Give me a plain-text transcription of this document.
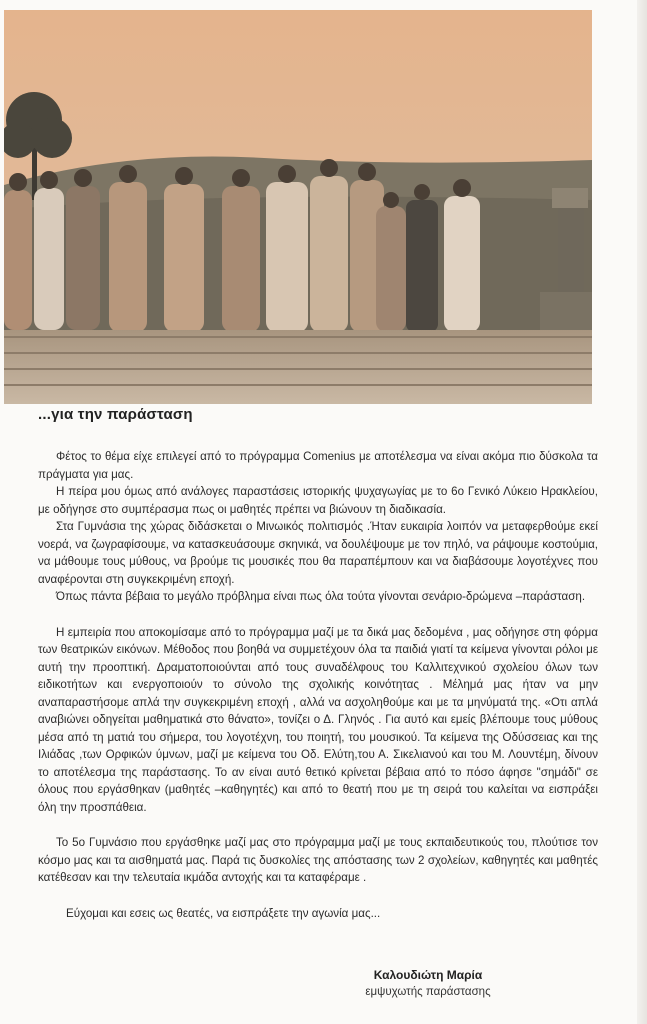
...για την παράσταση

Φέτος το θέμα είχε επιλεγεί από το πρόγραμμα Comenius με αποτέλεσμα να είναι ακόμα πιο δύσκολα τα πράγματα για μας.

Η πείρα μου όμως από ανάλογες παραστάσεις ιστορικής ψυχαγωγίας με το 6ο Γενικό Λύκειο Ηρακλείου, με οδήγησε στο συμπέρασμα πως οι μαθητές πρέπει να βιώνουν τη διαδικασία.

Στα Γυμνάσια της χώρας διδάσκεται ο Μινωικός πολιτισμός .Ήταν ευκαιρία λοιπόν να μεταφερθούμε εκεί νοερά, να ζωγραφίσουμε, να κατασκευάσουμε σκηνικά, να δουλέψουμε με τον πηλό, να ράψουμε κοστούμια, να μάθουμε τους μύθους, να βρούμε τις μουσικές που θα παραπέμπουν και να διαβάσουμε λογοτέχνες που αναφέρονται στη συγκεκριμένη εποχή.

Όπως πάντα βέβαια το μεγάλο πρόβλημα είναι πως όλα τούτα γίνονται σενάριο-δρώμενα –παράσταση.

Η εμπειρία που αποκομίσαμε από το πρόγραμμα μαζί με τα δικά μας δεδομένα , μας οδήγησε στη φόρμα των θεατρικών εικόνων. Μέθοδος που βοηθά να συμμετέχουν όλα τα παιδιά γιατί τα κείμενα γίνονται ρόλοι με αυτή την προοπτική. Δραματοποιούνται από τους συναδέλφους του Καλλιτεχνικού σχολείου όλων των ειδικοτήτων και ενεργοποιούν το σύνολο της σχολικής κοινότητας . Μέλημά μας ήταν να μην αναπαραστήσομε απλά την συγκεκριμένη εποχή , αλλά να ασχοληθούμε και με τα μηνύματά της. «Οτι απλά αναβιώνει οδηγείται μαθηματικά στο θάνατο», τονίζει ο Δ. Γληνός . Για αυτό και εμείς βλέπουμε τους μύθους μέσα από τη ματιά του σήμερα, του λογοτέχνη, του ποιητή, του μουσικού. Τα κείμενα της Οδύσσειας και της Ιλιάδας ,των Ορφικών ύμνων, μαζί με κείμενα του Οδ. Ελύτη,του Α. Σικελιανού και του Μ. Λουντέμη, δίνουν το αποτέλεσμα της παράστασης. Το αν είναι αυτό θετικό κρίνεται βέβαια από το πόσο άφησε "σημάδι" σε όλους που εργάσθηκαν (μαθητές –καθηγητές) και από το θεατή που με τη σειρά του καλείται να εισπράξει όλη την προσπάθεια.

Το 5ο Γυμνάσιο που εργάσθηκε μαζί μας στο πρόγραμμα μαζί με τους εκπαιδευτικούς του, πλούτισε τον κόσμο μας και τα αισθηματά μας. Παρά τις δυσκολίες της απόστασης των 2 σχολείων, καθηγητές και μαθητές κατέθεσαν και την τελευταία ικμάδα αντοχής και τα καταφέραμε .

Εύχομαι και εσεις ως θεατές, να εισπράξετε την αγωνία μας...

Καλουδιώτη Μαρία
εμψυχωτής παράστασης
